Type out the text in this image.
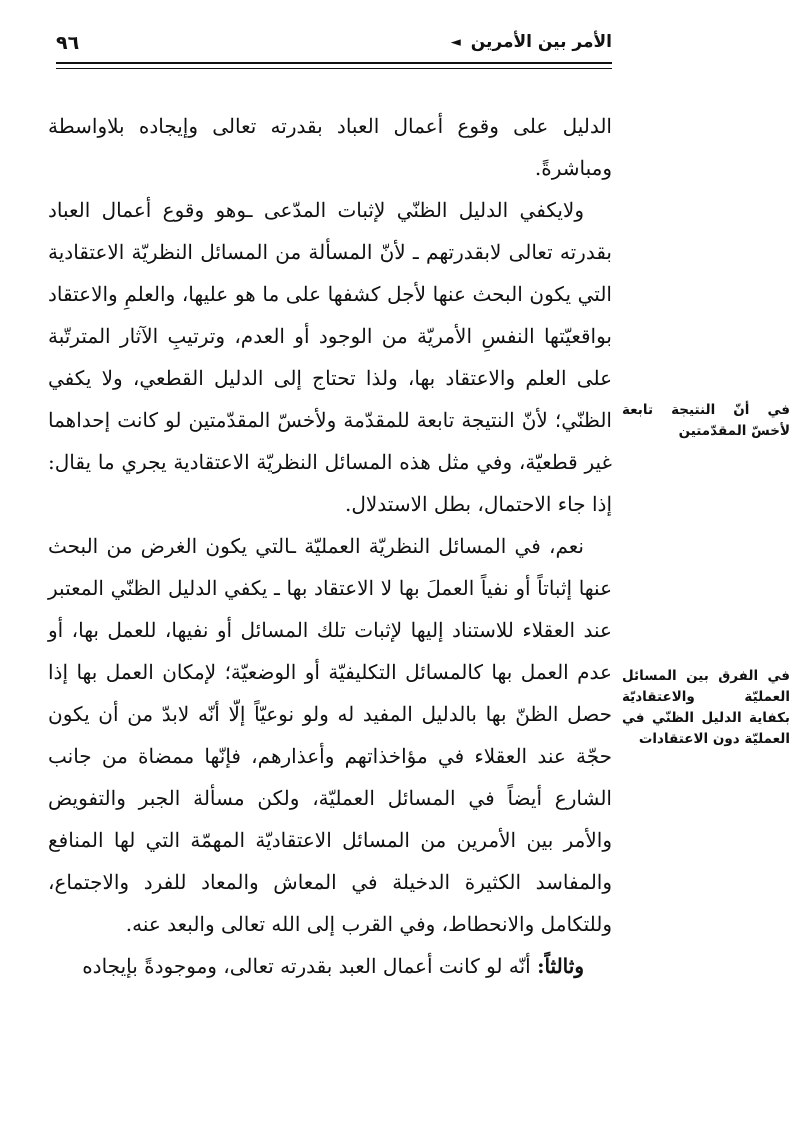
الأمر بين الأمرين
◄
٩٦

الدليل على وقوع أعمال العباد بقدرته تعالى وإيجاده بلاواسطة ومباشرةً.

ولايكفي الدليل الظنّي لإثبات المدّعى ـوهو وقوع أعمال العباد بقدرته تعالى لابقدرتهم ـ لأنّ المسألة من المسائل النظريّة الاعتقادية التي يكون البحث عنها لأجل كشفها على ما هو عليها، والعلمِ والاعتقاد بواقعيّتها النفسِ الأمريّة من الوجود أو العدم، وترتيبِ الآثار المترتّبة على العلم والاعتقاد بها، ولذا تحتاج إلى الدليل القطعي، ولا يكفي الظنّي؛ لأنّ النتيجة تابعة للمقدّمة ولأخسّ المقدّمتين لو كانت إحداهما غير قطعيّة، وفي مثل هذه المسائل النظريّة الاعتقادية يجري ما يقال: إذا جاء الاحتمال، بطل الاستدلال.

نعم، في المسائل النظريّة العمليّة ـالتي يكون الغرض من البحث عنها إثباتاً أو نفياً العملَ بها لا الاعتقاد بها ـ يكفي الدليل الظنّي المعتبر عند العقلاء للاستناد إليها لإثبات تلك المسائل أو نفيها، للعمل بها، أو عدم العمل بها كالمسائل التكليفيّة أو الوضعيّة؛ لإمكان العمل بها إذا حصل الظنّ بها بالدليل المفيد له ولو نوعيّاً إلّا أنّه لابدّ من أن يكون حجّة عند العقلاء في مؤاخذاتهم وأعذارهم، فإنّها ممضاة من جانب الشارع أيضاً في المسائل العمليّة، ولكن مسألة الجبر والتفويض والأمر بين الأمرين من المسائل الاعتقاديّة المهمّة التي لها المنافع والمفاسد الكثيرة الدخيلة في المعاش والمعاد للفرد والاجتماع، وللتكامل والانحطاط، وفي القرب إلى الله تعالى والبعد عنه.

وثالثاً: أنّه لو كانت أعمال العبد بقدرته تعالى، وموجودةً بإيجاده

في أنّ النتيجة تابعة لأخسّ المقدّمتين
في الفرق بين المسائل العمليّة والاعتقاديّة بكفاية الدليل الظنّي في العمليّة دون الاعتقادات
